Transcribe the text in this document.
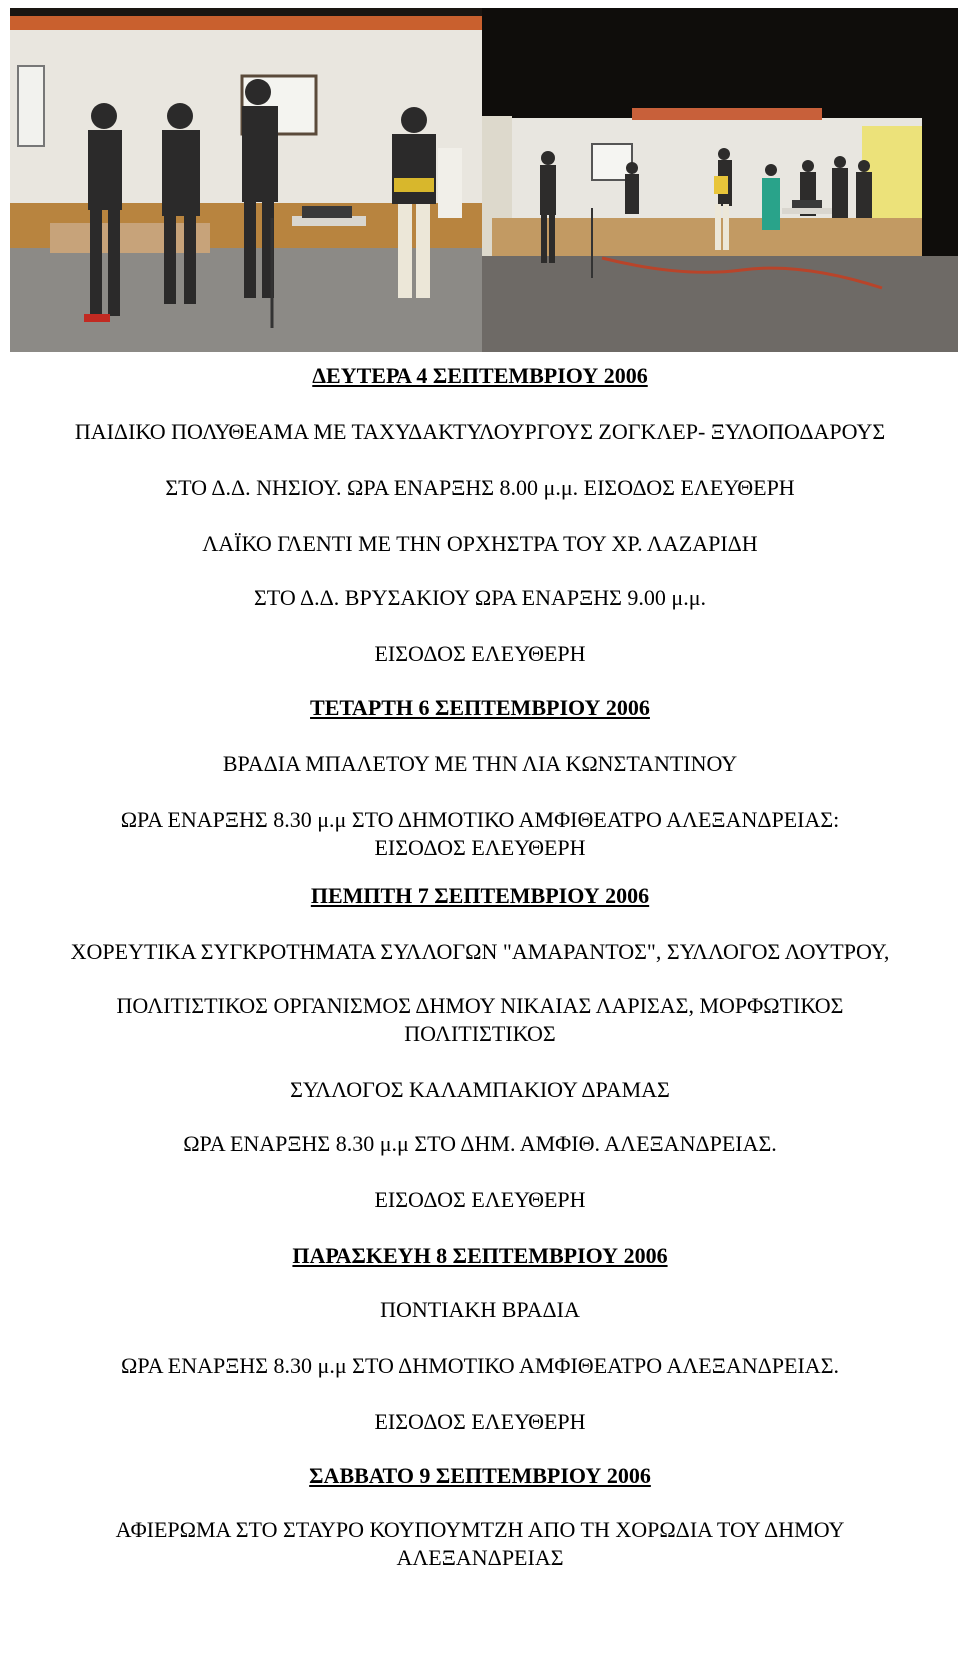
ΔΕΥΤΕΡΑ 4 ΣΕΠΤΕΜΒΡΙΟΥ 2006
ΠΑΙΔΙΚΟ ΠΟΛΥΘΕΑΜΑ ΜΕ ΤΑΧΥΔΑΚΤΥΛΟΥΡΓΟΥΣ ΖΟΓΚΛΕΡ- ΞΥΛΟΠΟΔΑΡΟΥΣ
ΣΤΟ Δ.Δ. ΝΗΣΙΟΥ. ΩΡΑ ΕΝΑΡΞΗΣ 8.00 μ.μ. ΕΙΣΟΔΟΣ ΕΛΕΥΘΕΡΗ
ΛΑΪΚΟ ΓΛΕΝΤΙ ΜΕ ΤΗΝ ΟΡΧΗΣΤΡΑ ΤΟΥ ΧΡ. ΛΑΖΑΡΙΔΗ
ΣΤΟ Δ.Δ. ΒΡΥΣΑΚΙΟΥ ΩΡΑ ΕΝΑΡΞΗΣ 9.00 μ.μ.
ΕΙΣΟΔΟΣ ΕΛΕΥΘΕΡΗ
ΤΕΤΑΡΤΗ 6 ΣΕΠΤΕΜΒΡΙΟΥ 2006
ΒΡΑΔΙΑ ΜΠΑΛΕΤΟΥ ΜΕ ΤΗΝ ΛΙΑ ΚΩΝΣΤΑΝΤΙΝΟΥ
ΩΡΑ ΕΝΑΡΞΗΣ 8.30 μ.μ ΣΤΟ ΔΗΜΟΤΙΚΟ ΑΜΦΙΘΕΑΤΡΟ ΑΛΕΞΑΝΔΡΕΙΑΣ:
ΕΙΣΟΔΟΣ ΕΛΕΥΘΕΡΗ
ΠΕΜΠΤΗ 7 ΣΕΠΤΕΜΒΡΙΟΥ 2006
ΧΟΡΕΥΤΙΚΑ ΣΥΓΚΡΟΤΗΜΑΤΑ ΣΥΛΛΟΓΩΝ "ΑΜΑΡΑΝΤΟΣ", ΣΥΛΛΟΓΟΣ ΛΟΥΤΡΟΥ,
ΠΟΛΙΤΙΣΤΙΚΟΣ ΟΡΓΑΝΙΣΜΟΣ ΔΗΜΟΥ ΝΙΚΑΙΑΣ ΛΑΡΙΣΑΣ, ΜΟΡΦΩΤΙΚΟΣ
ΠΟΛΙΤΙΣΤΙΚΟΣ
ΣΥΛΛΟΓΟΣ ΚΑΛΑΜΠΑΚΙΟΥ ΔΡΑΜΑΣ
ΩΡΑ ΕΝΑΡΞΗΣ 8.30 μ.μ ΣΤΟ ΔΗΜ. ΑΜΦΙΘ. ΑΛΕΞΑΝΔΡΕΙΑΣ.
ΕΙΣΟΔΟΣ ΕΛΕΥΘΕΡΗ
ΠΑΡΑΣΚΕΥΗ 8 ΣΕΠΤΕΜΒΡΙΟΥ 2006
ΠΟΝΤΙΑΚΗ ΒΡΑΔΙΑ
ΩΡΑ ΕΝΑΡΞΗΣ 8.30 μ.μ ΣΤΟ ΔΗΜΟΤΙΚΟ ΑΜΦΙΘΕΑΤΡΟ ΑΛΕΞΑΝΔΡΕΙΑΣ.
ΕΙΣΟΔΟΣ ΕΛΕΥΘΕΡΗ
ΣΑΒΒΑΤΟ 9 ΣΕΠΤΕΜΒΡΙΟΥ 2006
ΑΦΙΕΡΩΜΑ ΣΤΟ ΣΤΑΥΡΟ ΚΟΥΠΟΥΜΤΖΗ ΑΠΟ ΤΗ ΧΟΡΩΔΙΑ ΤΟΥ ΔΗΜΟΥ
ΑΛΕΞΑΝΔΡΕΙΑΣ
